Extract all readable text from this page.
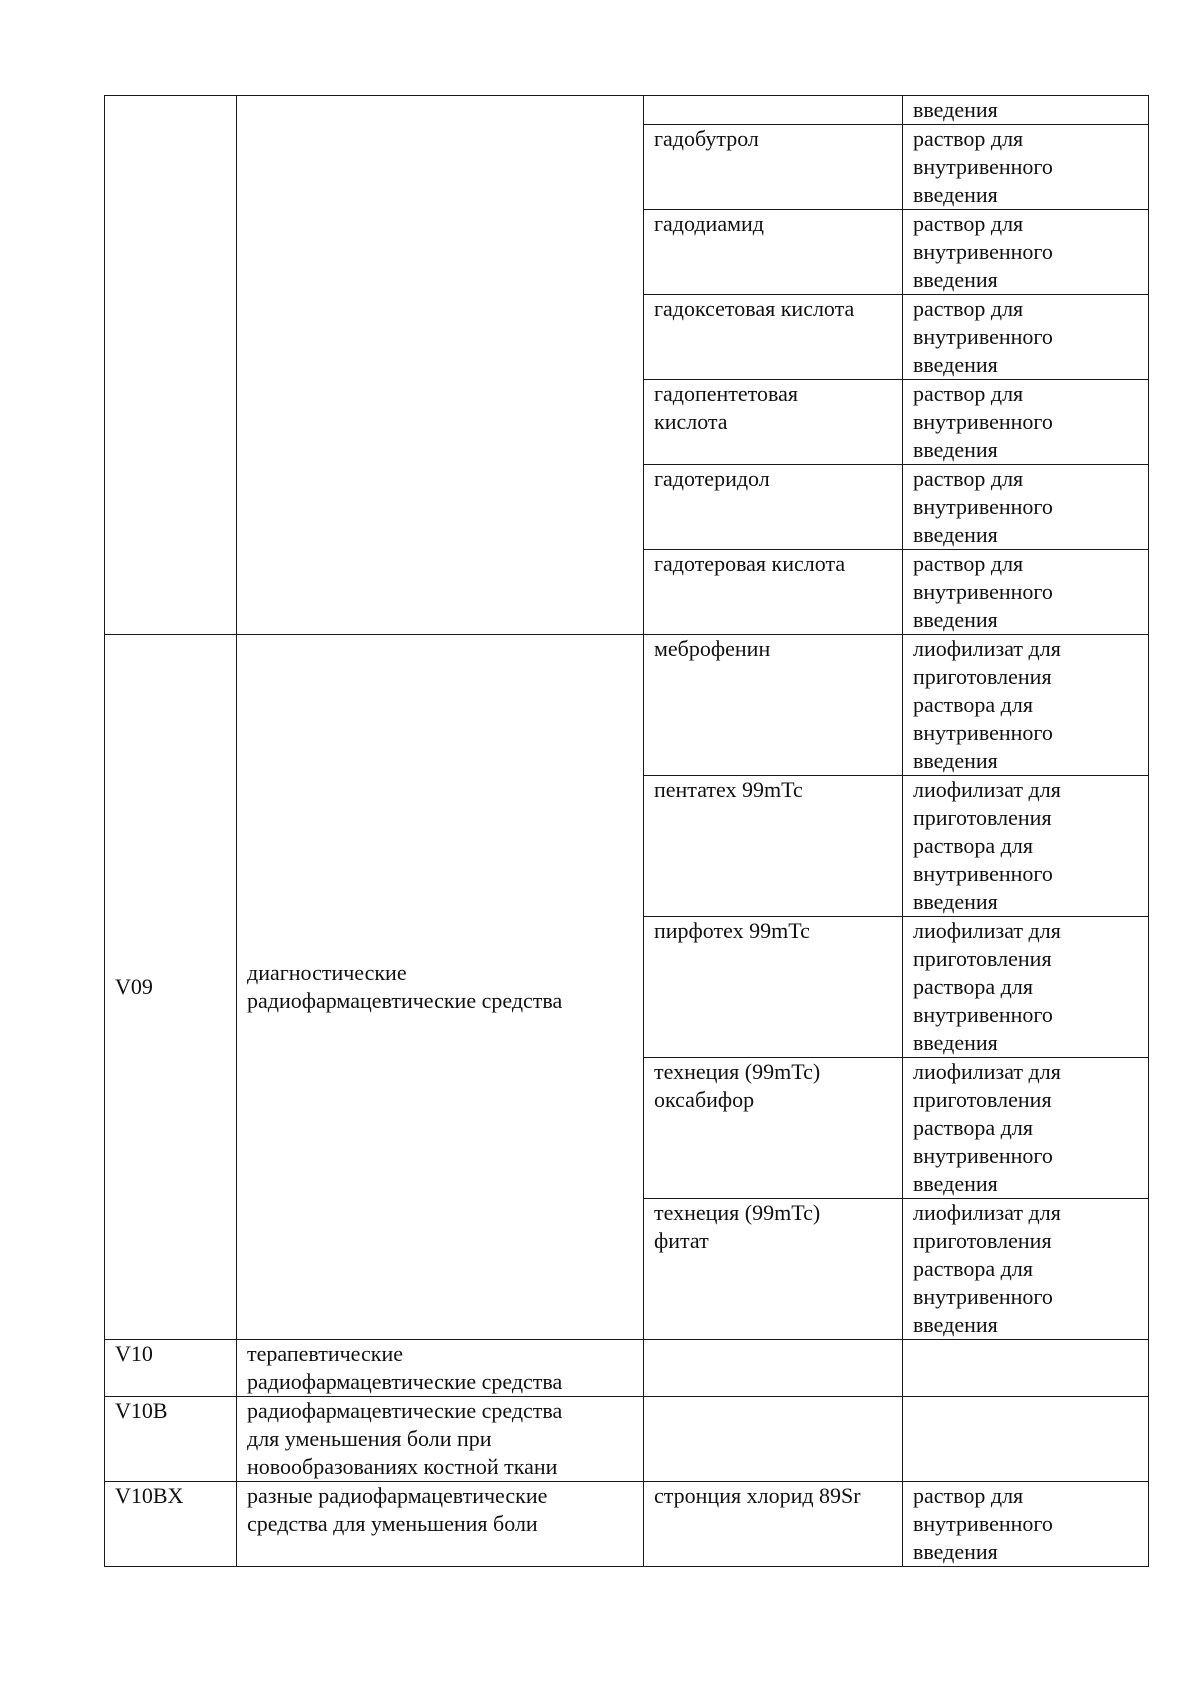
			введения

		гадобутрол	раствор для
внутривенного
введения

		гадодиамид	раствор для
внутривенного
введения

		гадоксетовая кислота	раствор для
внутривенного
введения

		гадопентетовая
кислота	раствор для
внутривенного
введения

		гадотеридол	раствор для
внутривенного
введения

		гадотеровая кислота	раствор для
внутривенного
введения

V09	диагностические
радиофармацевтические средства	меброфенин	лиофилизат для
приготовления
раствора для
внутривенного
введения

		пентатех 99mTc	лиофилизат для
приготовления
раствора для
внутривенного
введения

		пирфотех 99mTc	лиофилизат для
приготовления
раствора для
внутривенного
введения

		технеция (99mTc)
оксабифор	лиофилизат для
приготовления
раствора для
внутривенного
введения

		технеция (99mTc)
фитат	лиофилизат для
приготовления
раствора для
внутривенного
введения

V10	терапевтические
радиофармацевтические средства		

V10B	радиофармацевтические средства
для уменьшения боли при
новообразованиях костной ткани		

V10BX	разные радиофармацевтические
средства для уменьшения боли	стронция хлорид 89Sr	раствор для
внутривенного
введения
